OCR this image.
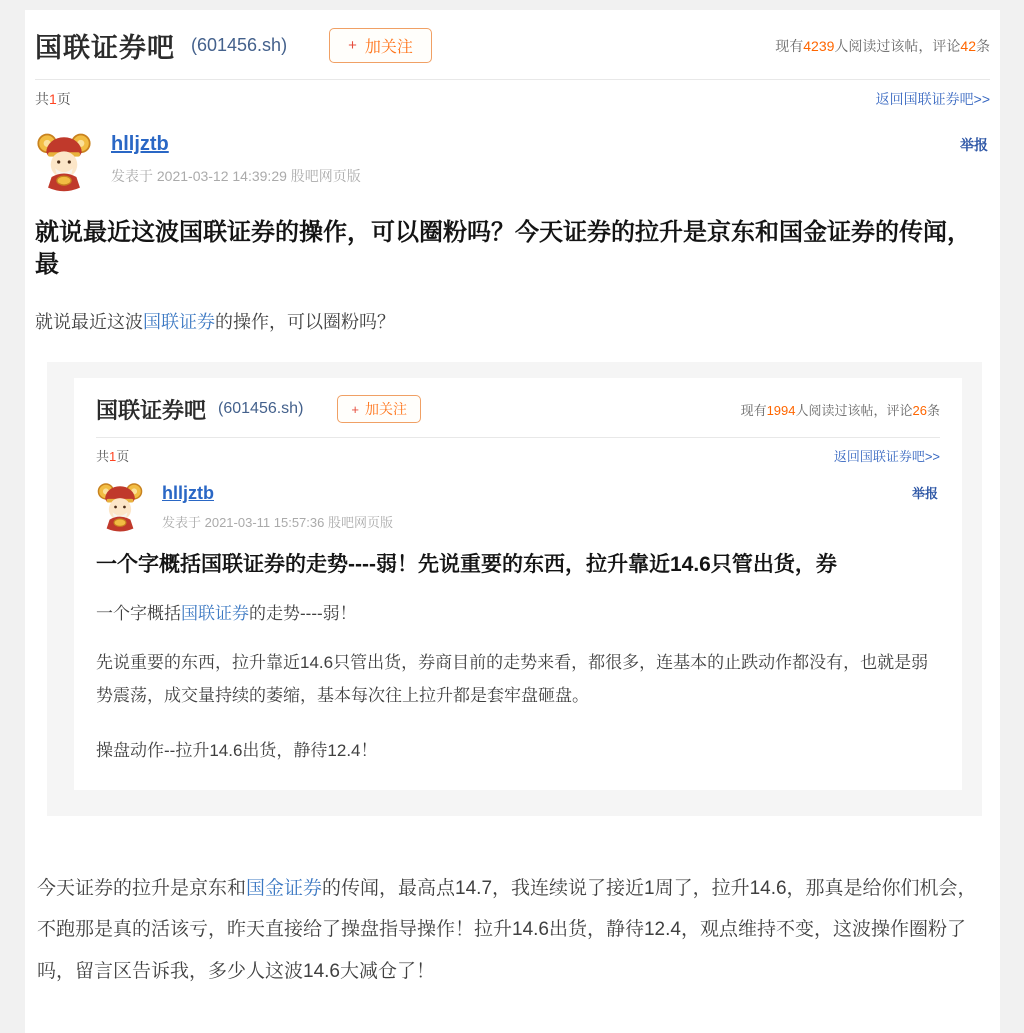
国联证券吧 (601456.sh)	+ 加关注	现有4239人阅读过该帖，评论42条
共1页	返回国联证券吧>>
hlljztb
发表于 2021-03-12 14:39:29 股吧网页版
举报
就说最近这波国联证券的操作，可以圈粉吗？今天证券的拉升是京东和国金证券的传闻，最

就说最近这波国联证券的操作，可以圈粉吗？

国联证券吧 (601456.sh)	+ 加关注	现有1994人阅读过该帖，评论26条
共1页	返回国联证券吧>>
hlljztb
发表于 2021-03-11 15:57:36 股吧网页版
举报
一个字概括国联证券的走势----弱！先说重要的东西，拉升靠近14.6只管出货，券

一个字概括国联证券的走势----弱！

先说重要的东西，拉升靠近14.6只管出货，券商目前的走势来看，都很多，连基本的止跌动作都没有，也就是弱势震荡，成交量持续的萎缩，基本每次往上拉升都是套牢盘砸盘。

操盘动作--拉升14.6出货，静待12.4！

今天证券的拉升是京东和国金证券的传闻，最高点14.7，我连续说了接近1周了，拉升14.6，那真是给你们机会，不跑那是真的活该亏，昨天直接给了操盘指导操作！拉升14.6出货，静待12.4，观点维持不变，这波操作圈粉了吗，留言区告诉我，多少人这波14.6大减仓了！
